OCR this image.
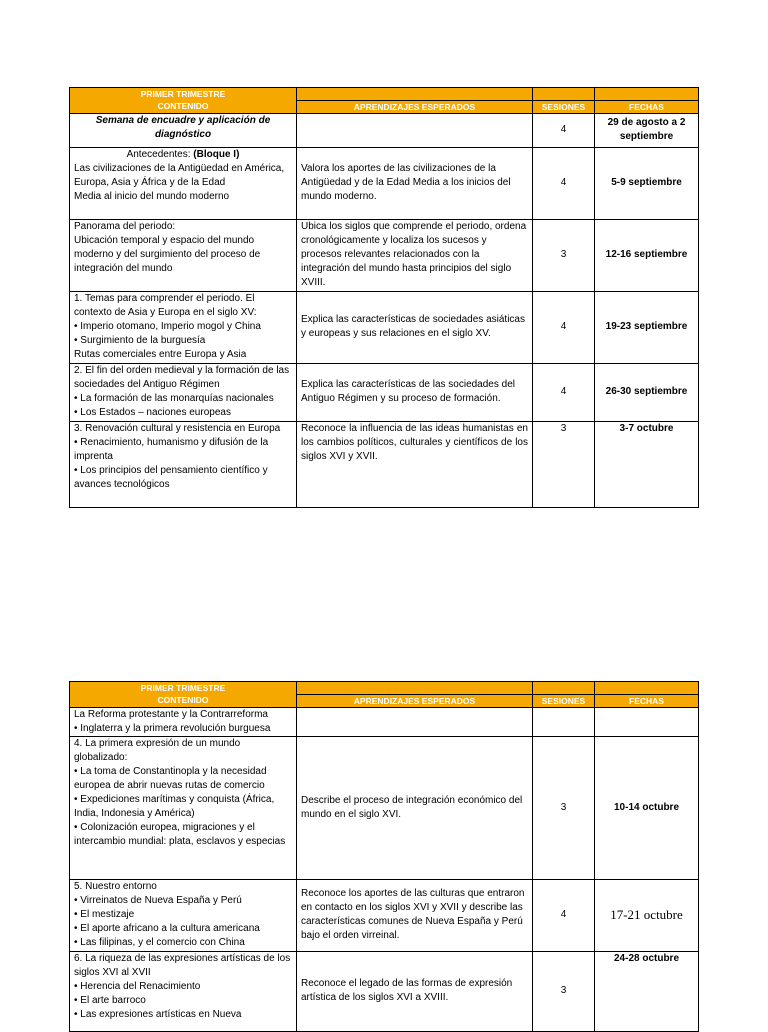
PRIMER TRIMESTRE			
CONTENIDO	APRENDIZAJES ESPERADOS	SESIONES	FECHAS
Semana de encuadre y aplicación de diagnóstico		4	29 de agosto a 2 septiembre

Antecedentes: (Bloque I)
Las civilizaciones de la Antigüedad en América, Europa, Asia y África y de la Edad
Media al inicio del mundo moderno	Valora los aportes de las civilizaciones de la Antigüedad y de la Edad Media a los inicios del mundo moderno.	4	5-9 septiembre

Panorama del periodo:
Ubicación temporal y espacio del mundo moderno y del surgimiento del proceso de integración del mundo	Ubica los siglos que comprende el periodo, ordena cronológicamente y localiza los sucesos y procesos relevantes relacionados con la integración del mundo hasta principios del siglo XVIII.	3	12-16 septiembre

1. Temas para comprender el periodo. El contexto de Asia y Europa en el siglo XV:
• Imperio otomano, Imperio mogol y China
• Surgimiento de la burguesía
Rutas comerciales entre Europa y Asia	Explica las características de sociedades asiáticas y europeas y sus relaciones en el siglo XV.	4	19-23 septiembre

2. El fin del orden medieval y la formación de las sociedades del Antiguo Régimen
• La formación de las monarquías nacionales
• Los Estados – naciones europeas	Explica las características de las sociedades del Antiguo Régimen y su proceso de formación.	4	26-30 septiembre

3. Renovación cultural y resistencia en Europa
• Renacimiento, humanismo y difusión de la imprenta
• Los principios del pensamiento científico y avances tecnológicos	Reconoce la influencia de las ideas humanistas en los cambios políticos, culturales y científicos de los siglos XVI y XVII.	3	3-7 octubre
PRIMER TRIMESTRE			
CONTENIDO	APRENDIZAJES ESPERADOS	SESIONES	FECHAS

La Reforma protestante y la Contrarreforma
• Inglaterra y la primera revolución burguesa			

4. La primera expresión de un mundo globalizado:
• La toma de Constantinopla y la necesidad europea de abrir nuevas rutas de comercio
• Expediciones marítimas y conquista (África, India, Indonesia y América)
• Colonización europea, migraciones y el intercambio mundial: plata, esclavos y especias	Describe el proceso de integración económico del mundo en el siglo XVI.	3	10-14 octubre

5. Nuestro entorno
• Virreinatos de Nueva España y Perú
• El mestizaje
• El aporte africano a la cultura americana
• Las filipinas, y el comercio con China	Reconoce los aportes de las culturas que entraron en contacto en los siglos XVI y XVII y describe las características comunes de Nueva España y Perú bajo el orden virreinal.	4	17-21 octubre

6. La riqueza de las expresiones artísticas de los siglos XVI al XVII
• Herencia del Renacimiento
• El arte barroco
• Las expresiones artísticas en Nueva	Reconoce el legado de las formas de expresión artística de los siglos XVI a XVIII.	3	24-28 octubre
